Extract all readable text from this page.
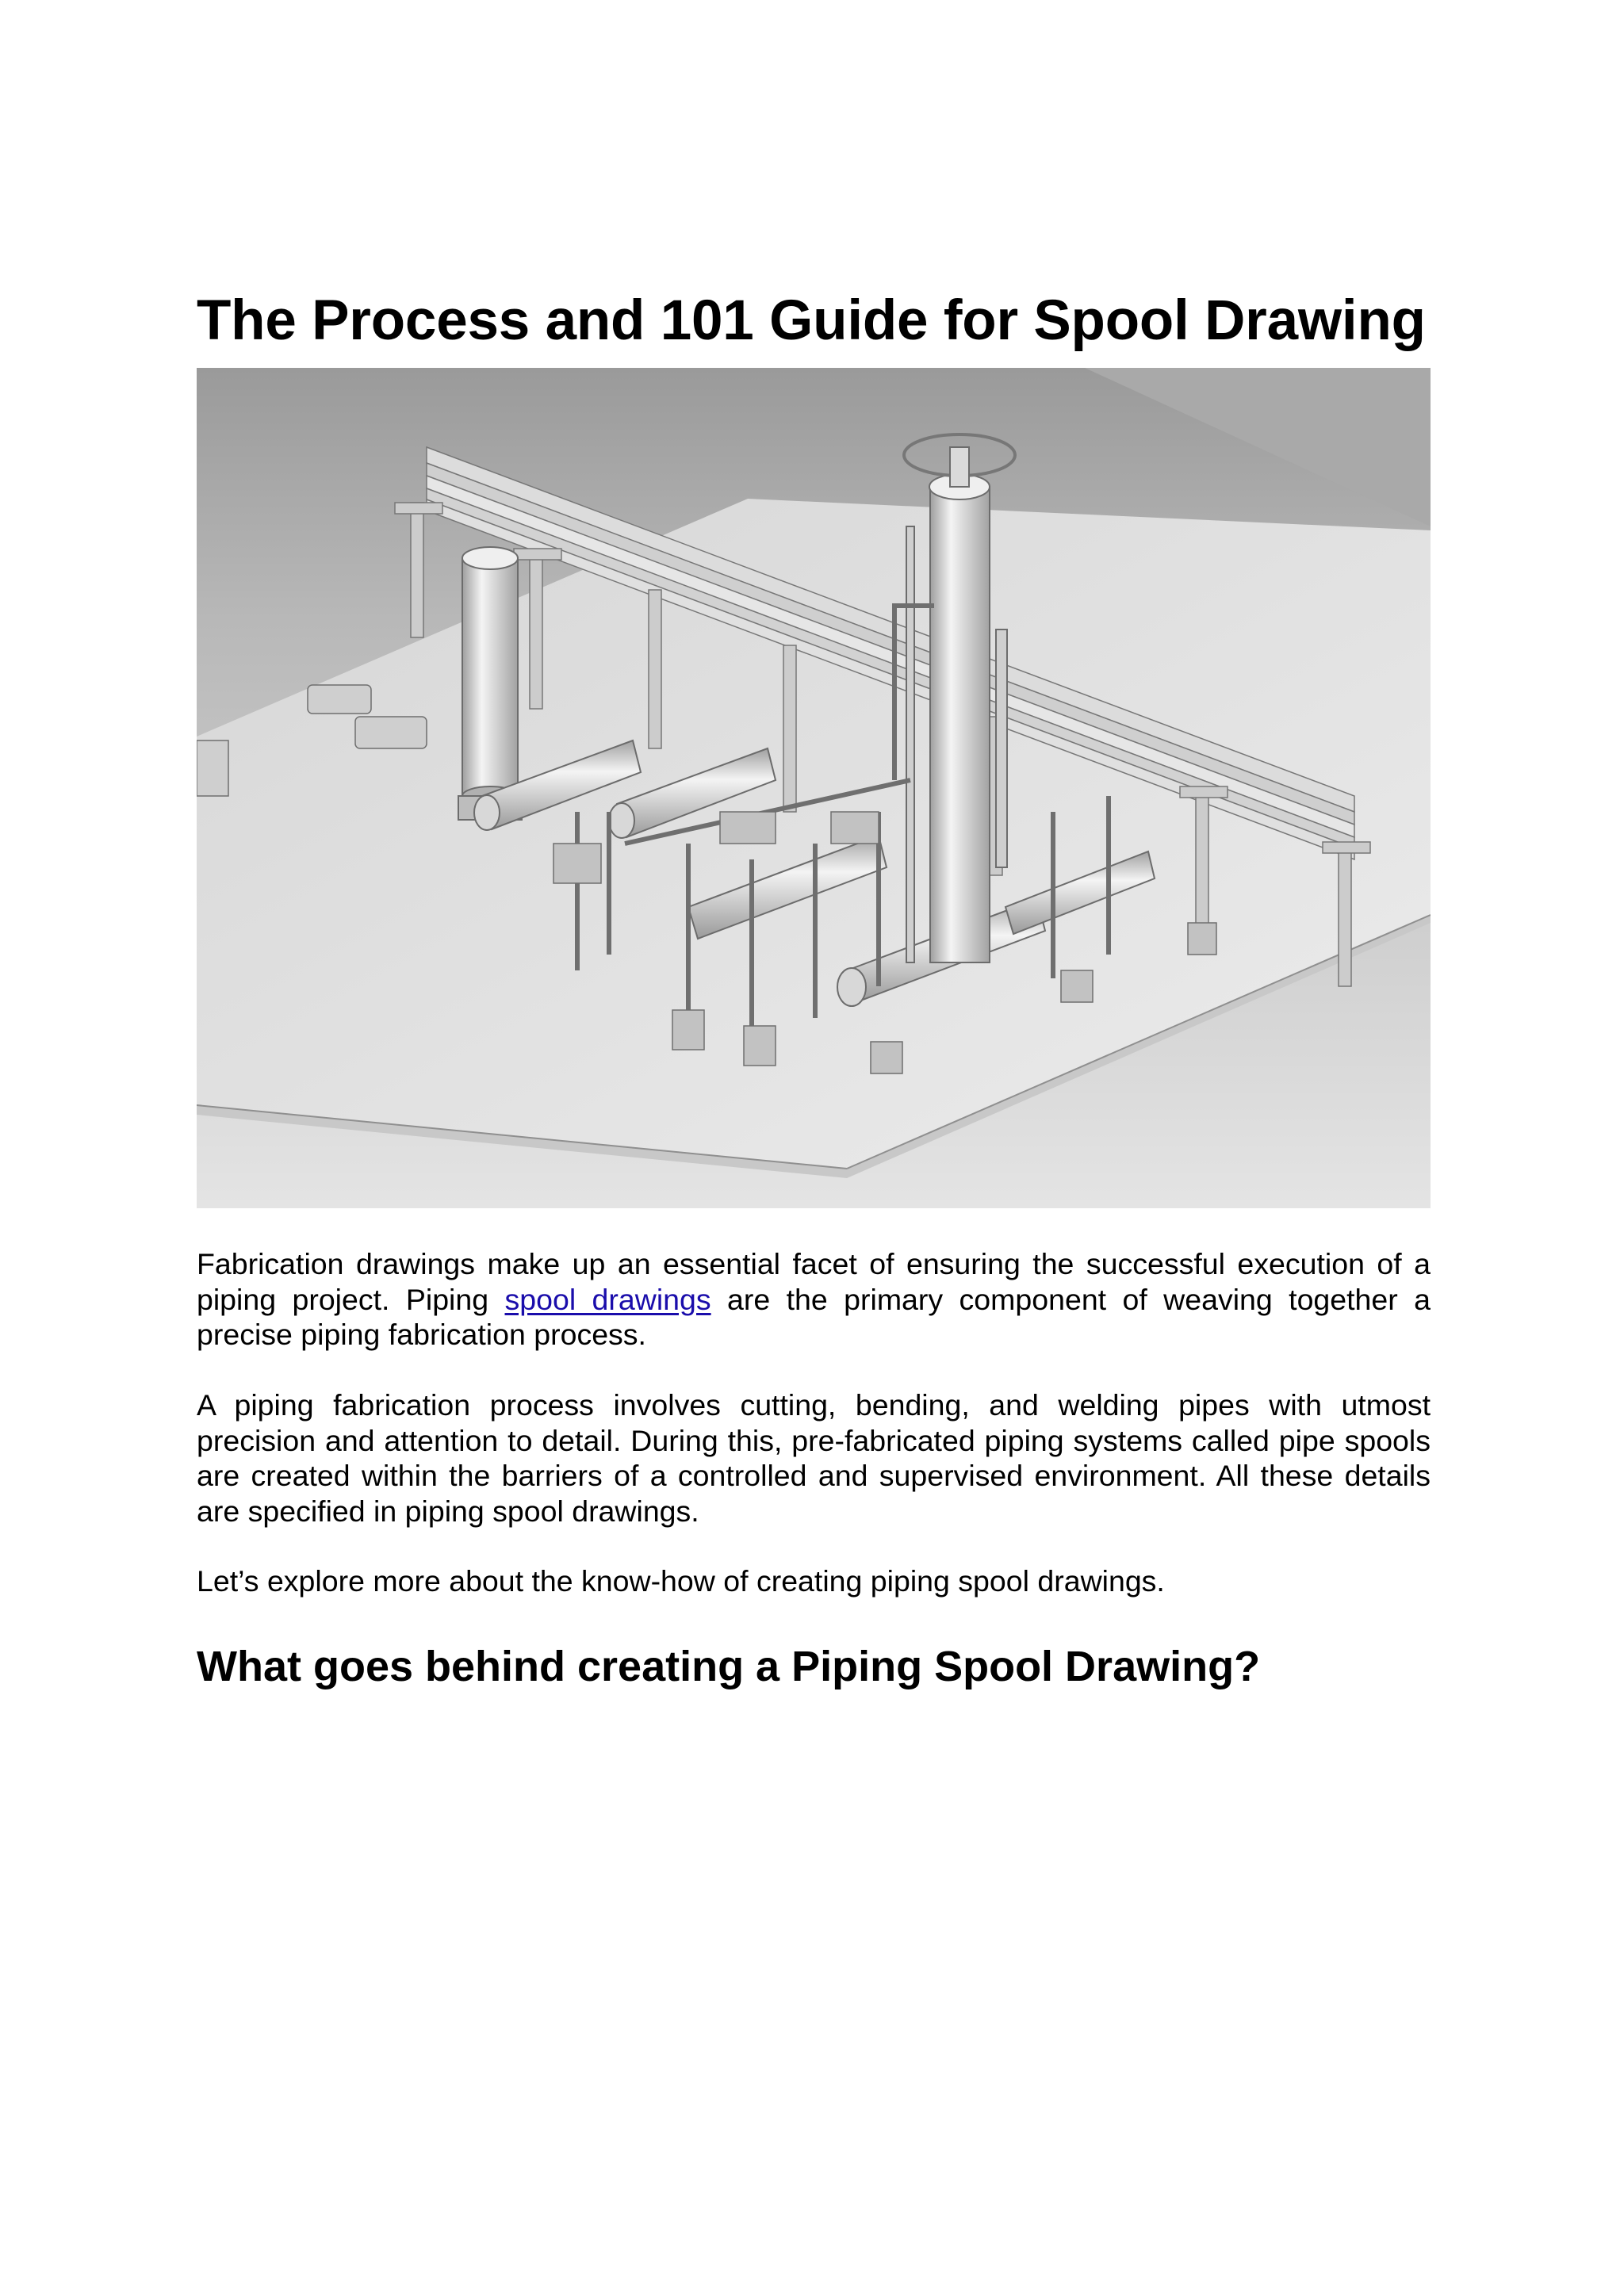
The Process and 101 Guide for Spool Drawing

Fabrication drawings make up an essential facet of ensuring the successful execution of a piping project. Piping spool drawings are the primary component of weaving together a precise piping fabrication process.

A piping fabrication process involves cutting, bending, and welding pipes with utmost precision and attention to detail. During this, pre-fabricated piping systems called pipe spools are created within the barriers of a controlled and supervised environment. All these details are specified in piping spool drawings.

Let’s explore more about the know-how of creating piping spool drawings.

What goes behind creating a Piping Spool Drawing?
